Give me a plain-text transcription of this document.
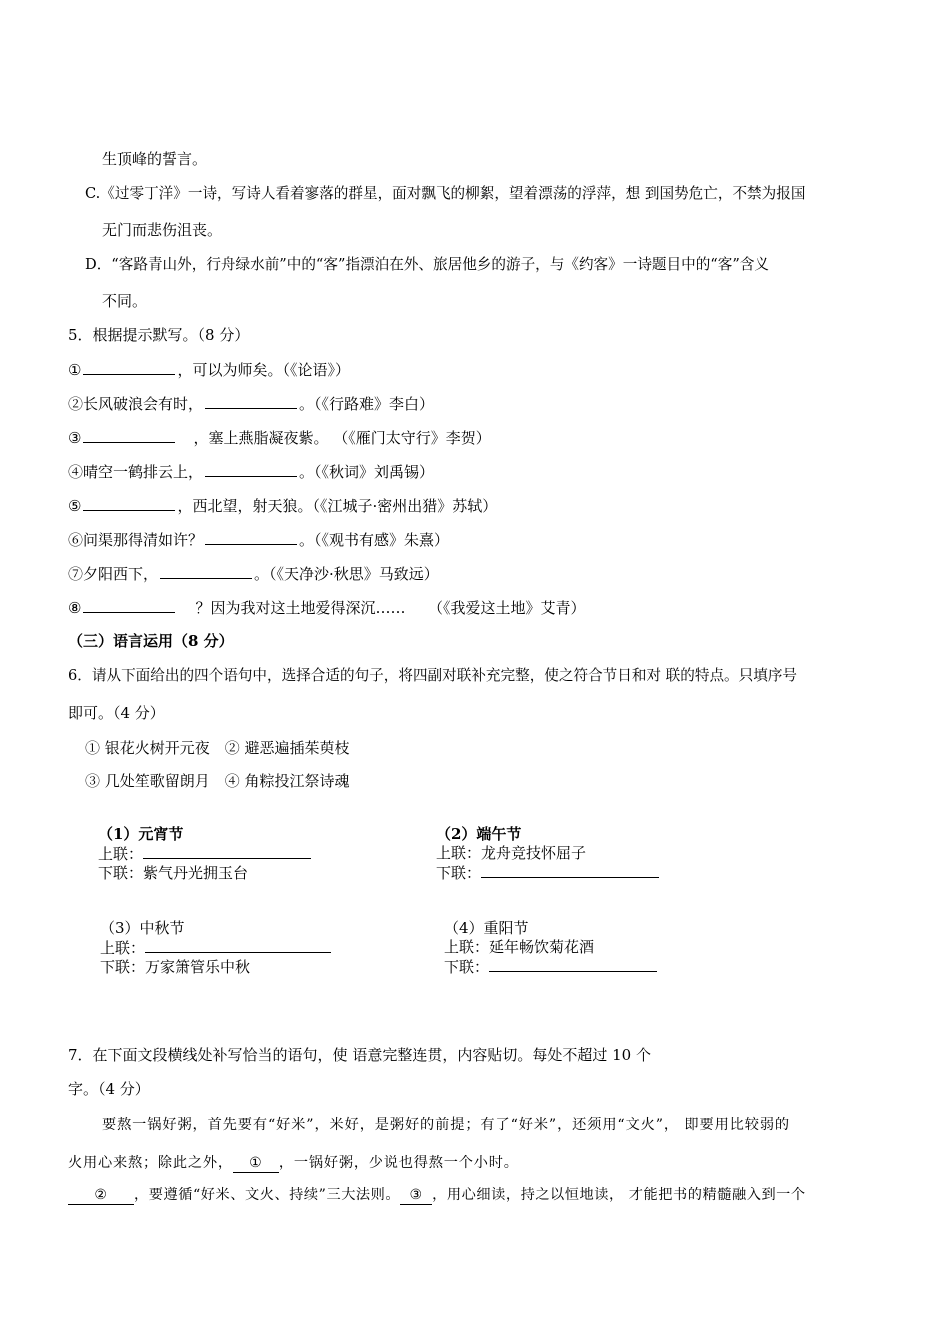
生顶峰的誓言。
C.《过零丁洋》一诗，写诗人看着寥落的群星，面对飘飞的柳絮，望着漂荡的浮萍，想 到国势危亡，不禁为报国
无门而悲伤沮丧。
D．“客路青山外，行舟绿水前”中的“客”指漂泊在外、旅居他乡的游子，与《约客》一诗题目中的“客”含义
不同。
5．根据提示默写。（8 分）
①	，可以为师矣。（《论语》）
②长风破浪会有时，	。（《行路难》李白）
③	，塞上燕脂凝夜紫。 （《雁门太守行》李贺）
④晴空一鹤排云上，	。（《秋词》刘禹锡）
⑤	，西北望，射天狼。（《江城子·密州出猎》苏轼）
⑥问渠那得清如许？	。（《观书有感》朱熹）
⑦夕阳西下，	。（《天净沙·秋思》马致远）
⑧	？因为我对这土地爱得深沉……　　（《我爱这土地》艾青）
（三）语言运用（8 分）
6．请从下面给出的四个语句中，选择合适的句子，将四副对联补充完整，使之符合节日和对 联的特点。只填序号
即可。（4 分）
① 银花火树开元夜　② 避恶遍插茱萸枝
③ 几处笙歌留朗月　④ 角粽投江祭诗魂
（1）元宵节
上联：
下联：紫气丹光拥玉台
（2）端午节
上联：龙舟竞技怀屈子
下联：
（3）中秋节
上联：
下联：万家箫管乐中秋
（4）重阳节
上联：延年畅饮菊花酒
下联：
7．在下面文段横线处补写恰当的语句，使 语意完整连贯，内容贴切。每处不超过 10 个
字。（4 分）
要熬一锅好粥，首先要有“好米”，米好，是粥好的前提；有了“好米”，还须用“文火”， 即要用比较弱的
火用心来熬；除此之外， ① ，一锅好粥，少说也得熬一个小时。
② ，要遵循“好米、文火、持续”三大法则。 ③ ，用心细读，持之以恒地读， 才能把书的精髓融入到一个
